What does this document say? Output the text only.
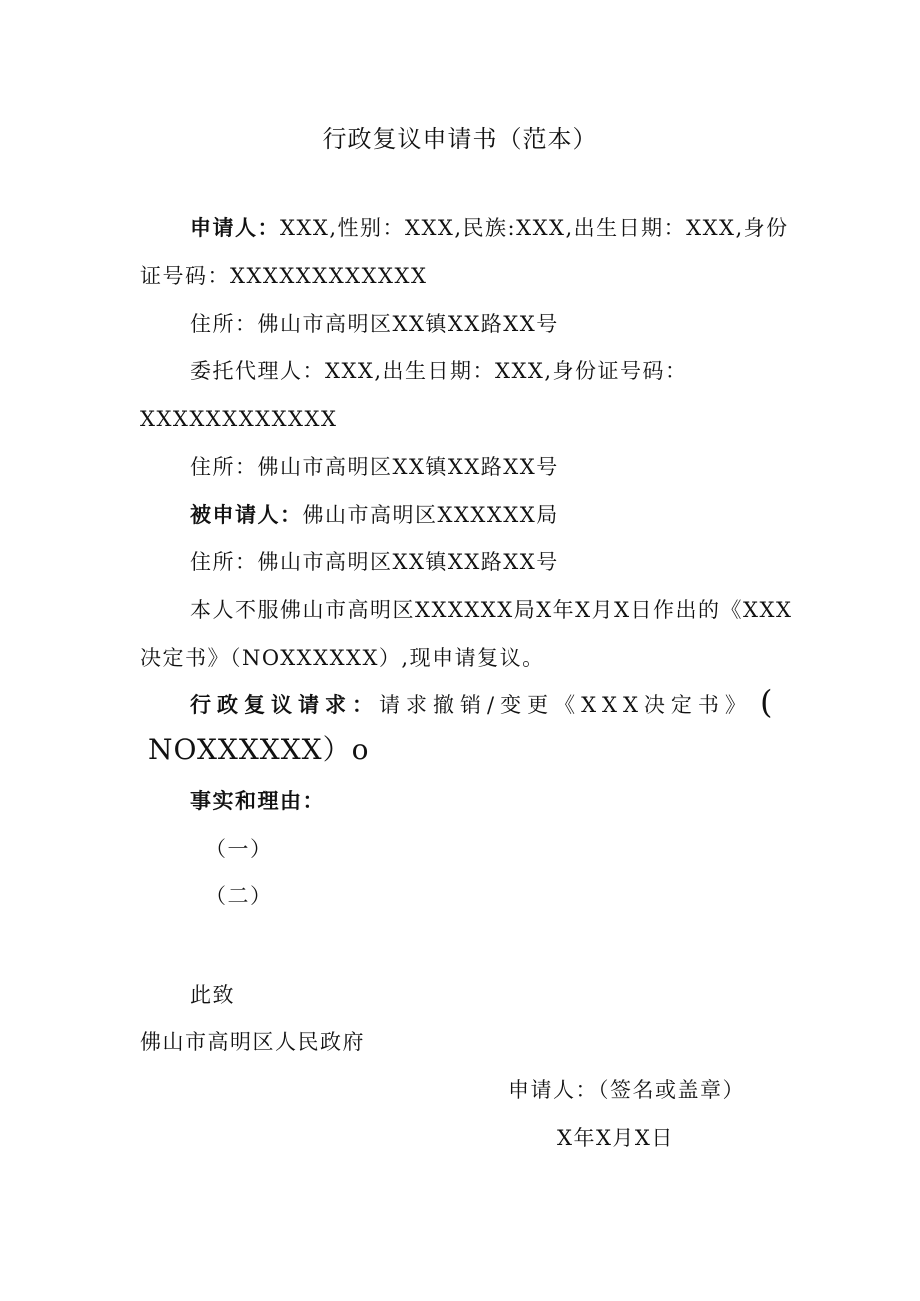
行政复议申请书（范本）
申请人：XXX,性别：XXX,民族:XXX,出生日期：XXX,身份
证号码：XXXXXXXXXXXX
住所：佛山市高明区XX镇XX路XX号
委托代理人：XXX,出生日期：XXX,身份证号码：
XXXXXXXXXXXX
住所：佛山市高明区XX镇XX路XX号
被申请人：佛山市高明区XXXXXX局
住所：佛山市高明区XX镇XX路XX号
本人不服佛山市高明区XXXXXX局X年X月X日作出的《XXX
决定书》（NOXXXXXX）,现申请复议。
行政复议请求：请求撤销/变更《XXX决定书》 (
NOXXXXXX）o
事实和理由：
（一）
（二）
此致
佛山市高明区人民政府
申请人：（签名或盖章）
X年X月X日
